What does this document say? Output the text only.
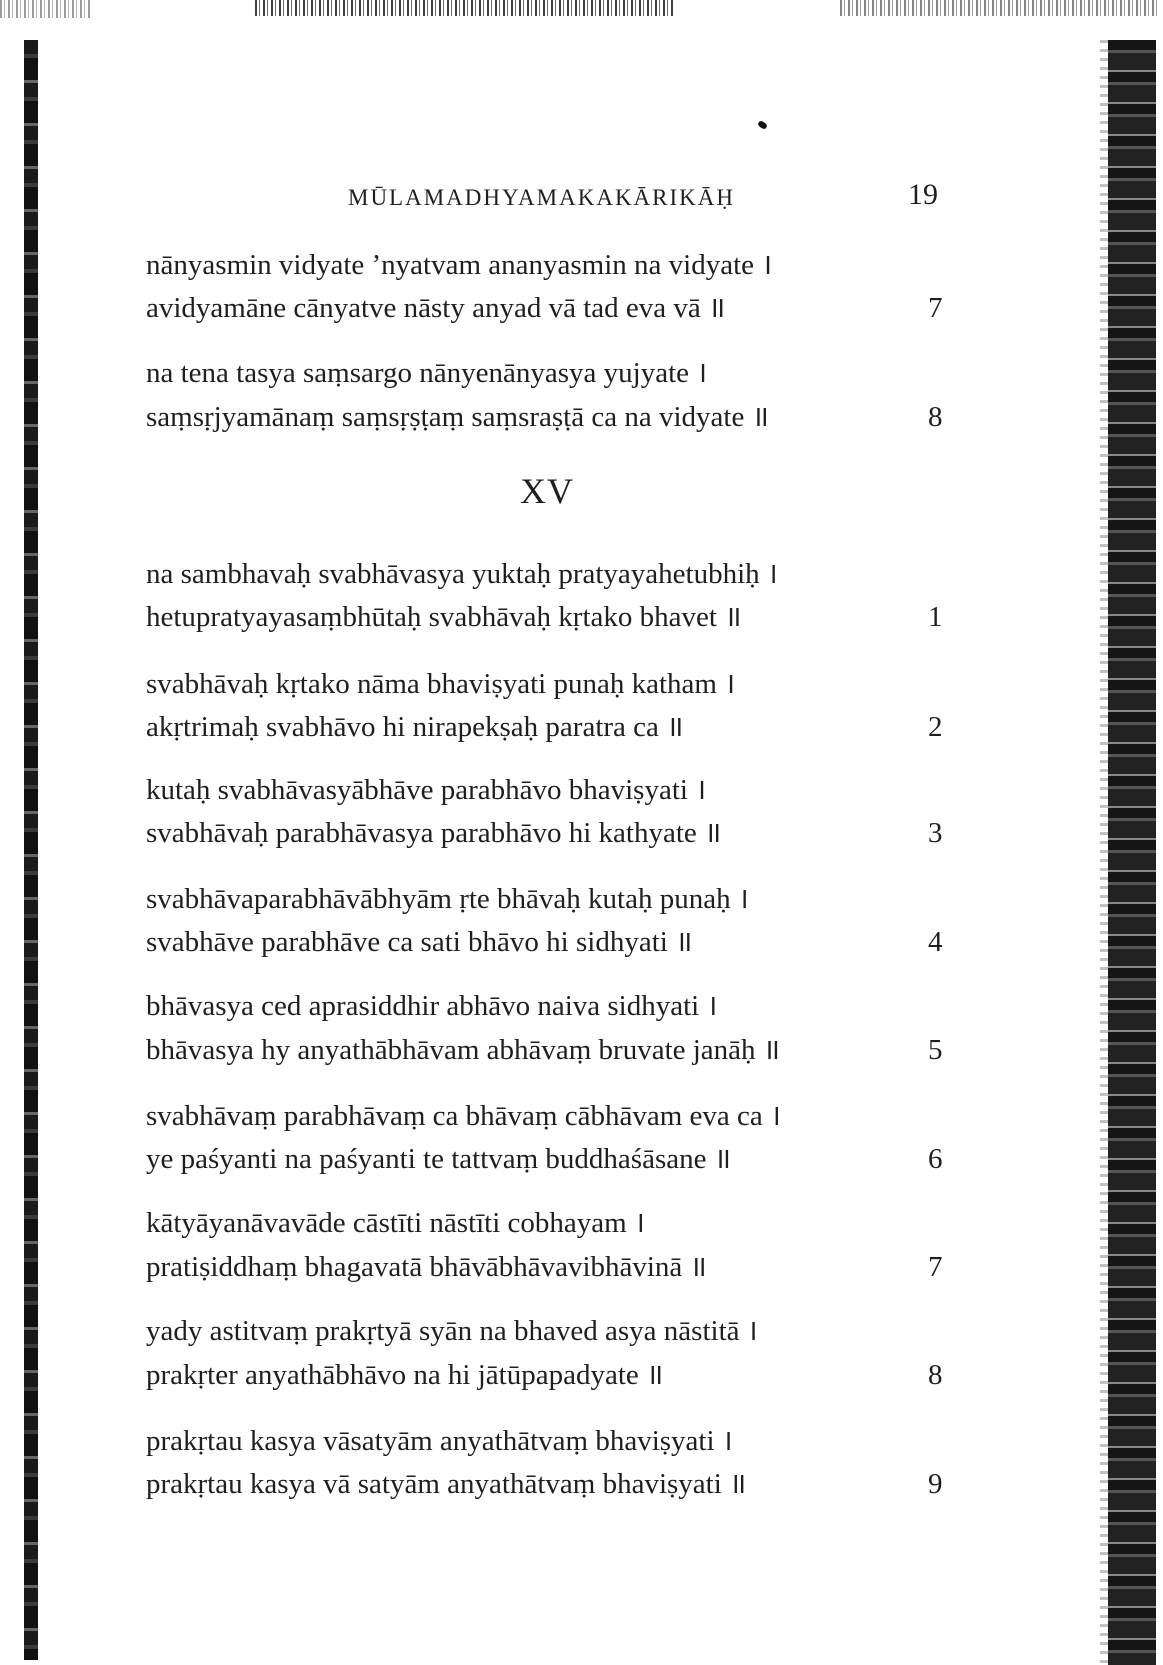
MŪLAMADHYAMAKAKĀRIKĀḤ	19
nānyasmin vidyate ’nyatvam ananyasmin na vidyate ।
avidyamāne cānyatve nāsty anyad vā tad eva vā ॥	7
na tena tasya saṃsargo nānyenānyasya yujyate ।
saṃsṛjyamānaṃ saṃsṛṣṭaṃ saṃsraṣṭā ca na vidyate ॥	8
XV
na sambhavaḥ svabhāvasya yuktaḥ pratyayahetubhiḥ ।
hetupratyayasaṃbhūtaḥ svabhāvaḥ kṛtako bhavet ॥	1
svabhāvaḥ kṛtako nāma bhaviṣyati punaḥ katham ।
akṛtrimaḥ svabhāvo hi nirapekṣaḥ paratra ca ॥	2
kutaḥ svabhāvasyābhāve parabhāvo bhaviṣyati ।
svabhāvaḥ parabhāvasya parabhāvo hi kathyate ॥	3
svabhāvaparabhāvābhyām ṛte bhāvaḥ kutaḥ punaḥ ।
svabhāve parabhāve ca sati bhāvo hi sidhyati ॥	4
bhāvasya ced aprasiddhir abhāvo naiva sidhyati ।
bhāvasya hy anyathābhāvam abhāvaṃ bruvate janāḥ ॥	5
svabhāvaṃ parabhāvaṃ ca bhāvaṃ cābhāvam eva ca ।
ye paśyanti na paśyanti te tattvaṃ buddhaśāsane ॥	6
kātyāyanāvavāde cāstīti nāstīti cobhayam ।
pratiṣiddhaṃ bhagavatā bhāvābhāvavibhāvinā ॥	7
yady astitvaṃ prakṛtyā syān na bhaved asya nāstitā ।
prakṛter anyathābhāvo na hi jātūpapadyate ॥	8
prakṛtau kasya vāsatyām anyathātvaṃ bhaviṣyati ।
prakṛtau kasya vā satyām anyathātvaṃ bhaviṣyati ॥	9
